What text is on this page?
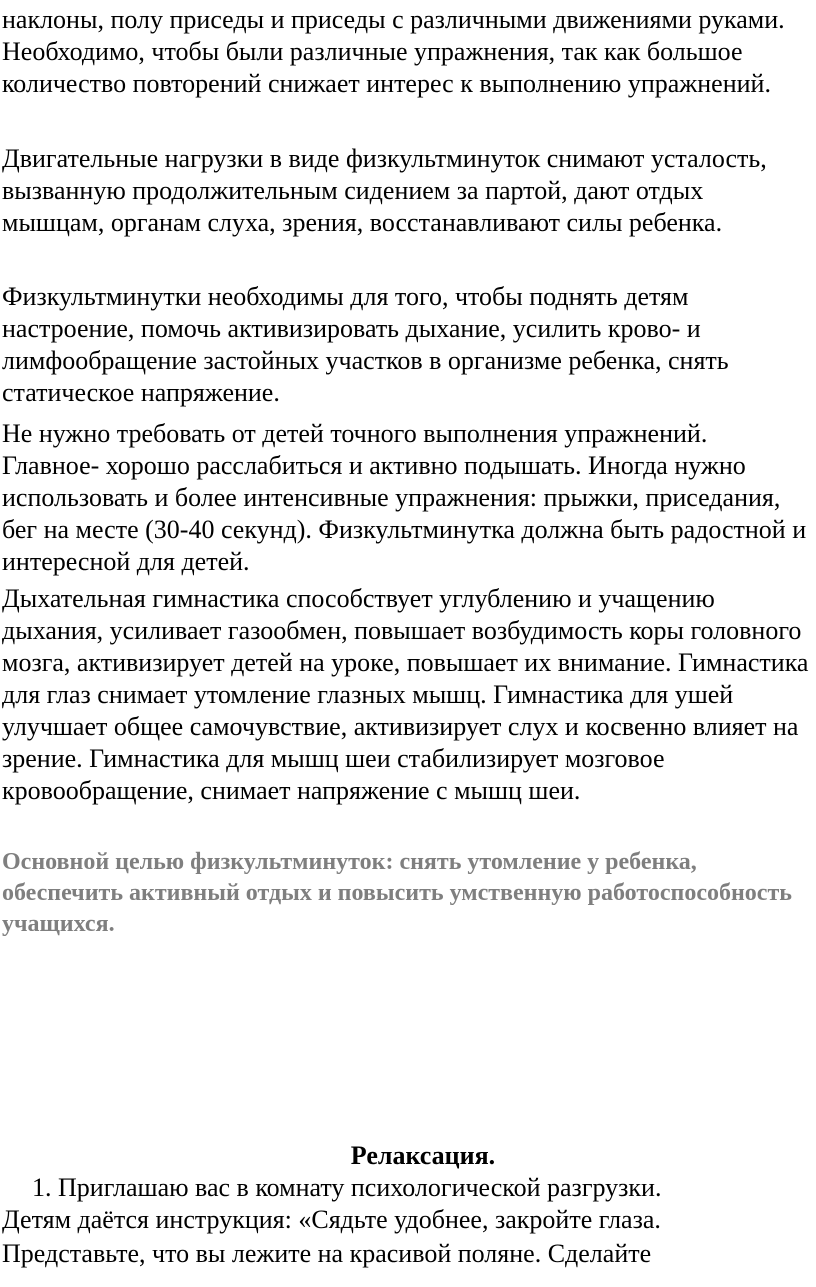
наклоны, полу приседы и приседы с различными движениями руками. Необходимо, чтобы были различные упражнения, так как большое количество повторений снижает интерес к выполнению упражнений.

Двигательные нагрузки в виде физкультминуток снимают усталость, вызванную продолжительным сидением за партой, дают отдых мышцам, органам слуха, зрения, восстанавливают силы ребенка.

Физкультминутки необходимы для того, чтобы поднять детям настроение, помочь активизировать дыхание, усилить крово- и лимфообращение застойных участков в организме ребенка, снять статическое напряжение.

Не нужно требовать от детей точного выполнения упражнений. Главное- хорошо расслабиться и активно подышать. Иногда нужно использовать и более интенсивные упражнения: прыжки, приседания, бег на месте (30-40 секунд). Физкультминутка должна быть радостной и интересной для детей.

Дыхательная гимнастика способствует углублению и учащению дыхания, усиливает газообмен, повышает возбудимость коры головного мозга, активизирует детей на уроке, повышает их внимание. Гимнастика для глаз снимает утомление глазных мышц. Гимнастика для ушей улучшает общее самочувствие, активизирует слух и косвенно влияет на зрение. Гимнастика для мышц шеи стабилизирует мозговое кровообращение, снимает напряжение с мышц шеи.

Основной целью физкультминуток: снять утомление у ребенка, обеспечить активный отдых и повысить умственную работоспособность учащихся.

Релаксация.

1. Приглашаю вас в комнату психологической разгрузки.

Детям даётся инструкция: «Сядьте удобнее, закройте глаза.

Представьте, что вы лежите на красивой поляне. Сделайте
